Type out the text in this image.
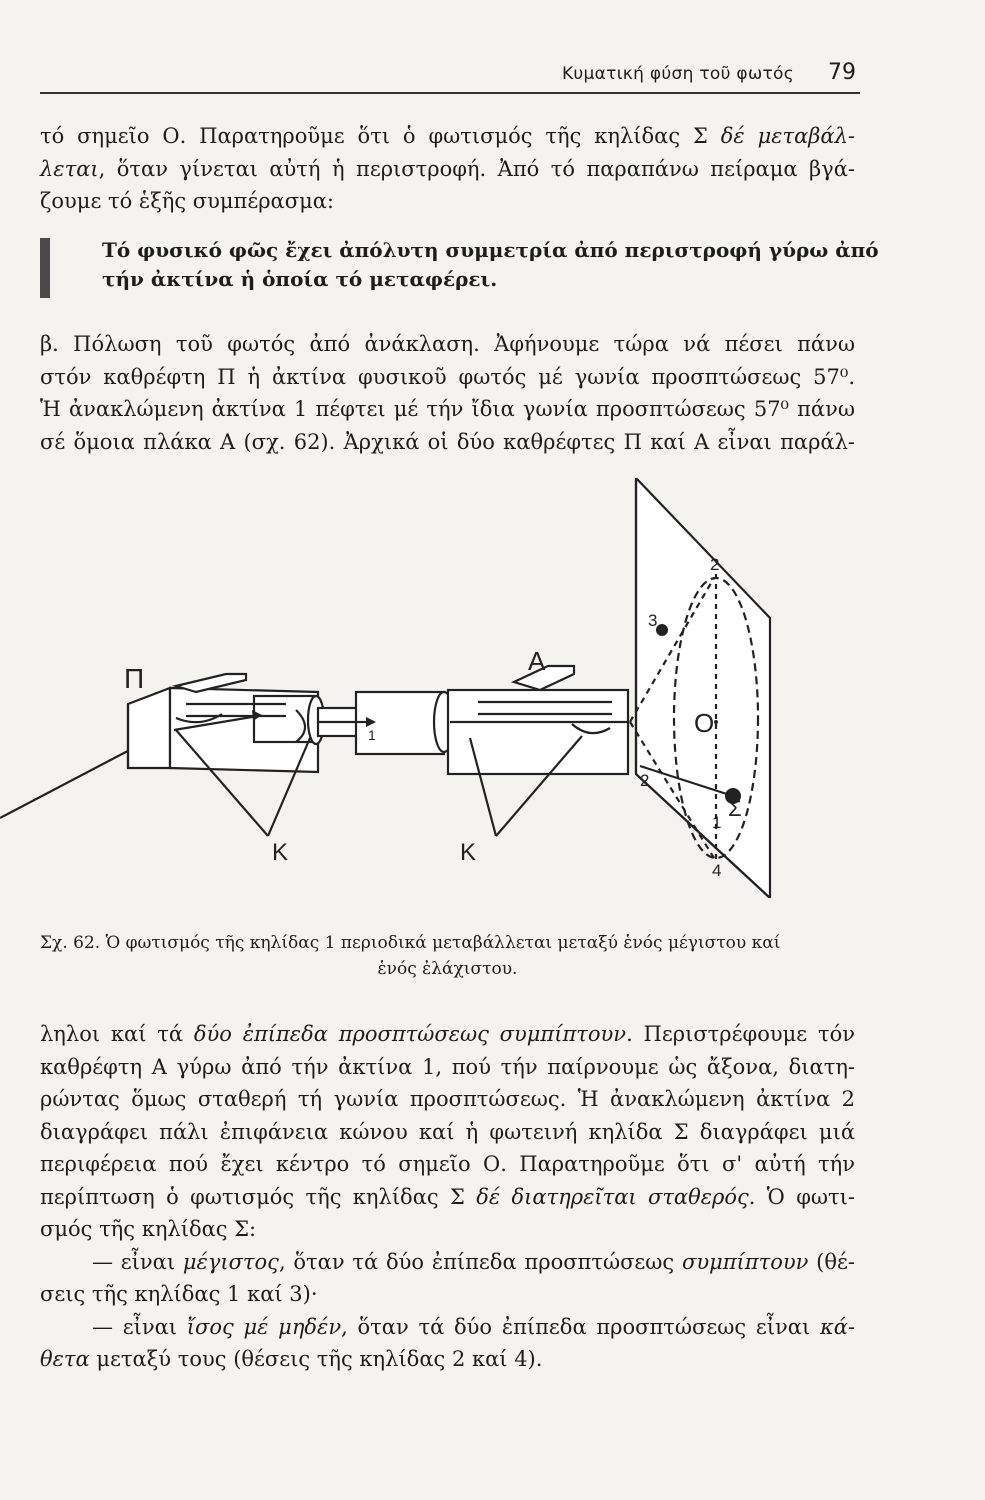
Κυματική φύση τοῦ φωτός 79
τό σημεῖο Ο. Παρατηροῦμε ὅτι ὁ φωτισμός τῆς κηλίδας Σ δέ μεταβάλ-
λεται, ὅταν γίνεται αὐτή ἡ περιστροφή. Ἀπό τό παραπάνω πείραμα βγά-
ζουμε τό ἑξῆς συμπέρασμα:
Τό φυσικό φῶς ἔχει ἀπόλυτη συμμετρία ἀπό περιστροφή γύρω ἀπό
τήν ἀκτίνα ἡ ὁποία τό μεταφέρει.
β. Πόλωση τοῦ φωτός ἀπό ἀνάκλαση. Ἀφήνουμε τώρα νά πέσει πάνω
στόν καθρέφτη Π ἡ ἀκτίνα φυσικοῦ φωτός μέ γωνία προσπτώσεως 57⁰.
Ἡ ἀνακλώμενη ἀκτίνα 1 πέφτει μέ τήν ἴδια γωνία προσπτώσεως 57⁰ πάνω
σέ ὅμοια πλάκα Α (σχ. 62). Ἀρχικά οἱ δύο καθρέφτες Π καί Α εἶναι παράλ-
Π
A
K	K
1	O
Σ
2
3
2
1
4
Σχ. 62. Ὁ φωτισμός τῆς κηλίδας 1 περιοδικά μεταβάλλεται μεταξύ ἑνός μέγιστου καί
ἑνός ἐλάχιστου.
ληλοι καί τά δύο ἐπίπεδα προσπτώσεως συμπίπτουν. Περιστρέφουμε τόν
καθρέφτη Α γύρω ἀπό τήν ἀκτίνα 1, πού τήν παίρνουμε ὡς ἄξονα, διατη-
ρώντας ὅμως σταθερή τή γωνία προσπτώσεως. Ἡ ἀνακλώμενη ἀκτίνα 2
διαγράφει πάλι ἐπιφάνεια κώνου καί ἡ φωτεινή κηλίδα Σ διαγράφει μιά
περιφέρεια πού ἔχει κέντρο τό σημεῖο Ο. Παρατηροῦμε ὅτι σ' αὐτή τήν
περίπτωση ὁ φωτισμός τῆς κηλίδας Σ δέ διατηρεῖται σταθερός. Ὁ φωτι-
σμός τῆς κηλίδας Σ:
— εἶναι μέγιστος, ὅταν τά δύο ἐπίπεδα προσπτώσεως συμπίπτουν (θέ-
σεις τῆς κηλίδας 1 καί 3)·
— εἶναι ἴσος μέ μηδέν, ὅταν τά δύο ἐπίπεδα προσπτώσεως εἶναι κά-
θετα μεταξύ τους (θέσεις τῆς κηλίδας 2 καί 4).
